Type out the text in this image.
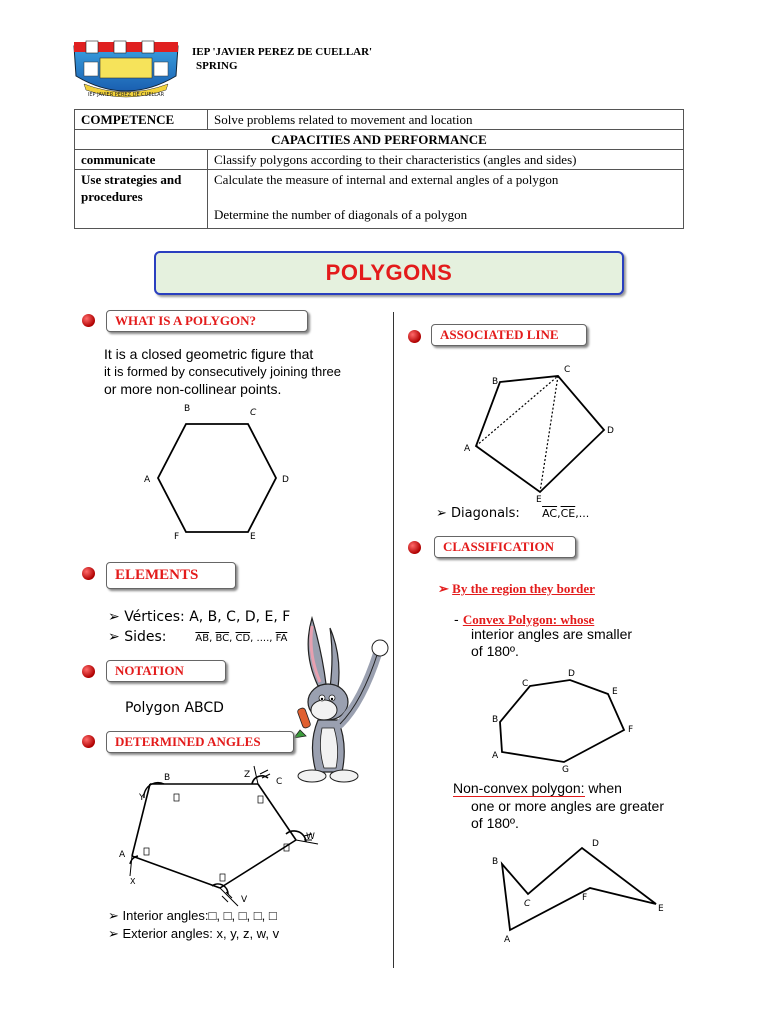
IEP JAVIER PEREZ DE CUELLAR
IEP 'JAVIER PEREZ DE CUELLAR'
SPRING
COMPETENCE	Solve problems related to movement and location
CAPACITIES AND PERFORMANCE	
communicate	Classify polygons according to their characteristics (angles and sides)
Use strategies and procedures	Calculate the measure of internal and external angles of a polygon
Determine the number of diagonals of a polygon
POLYGONS
WHAT IS A POLYGON?
It is a closed geometric figure that
it is formed by consecutively joining three
or more non-collinear points.
B	C
A	D
F	E
ELEMENTS
➢ Vértices: A, B, C, D, E, F
➢ Sides:	$\overline{AB}$, $\overline{BC}$, $\overline{CD}$, ...., $\overline{FA}$
NOTATION
Polygon ABCD
DETERMINED ANGLES
B	C
Z
Y
W
V
A
X
➢ Interior angles:□, □, □, □, □
➢ Exterior angles: x, y, z, w, v
ASSOCIATED LINE
B
C
D
E
A
➢ Diagonals: $\overline{AC},\overline{CE}$,...
CLASSIFICATION
➢ By the region they border
- Convex Polygon: whose
interior angles are smaller
of 180º.
C
D
E
F
G
A
B
Non-convex polygon: when
one or more angles are greater
of 180º.
B
C
D
E
F
A
